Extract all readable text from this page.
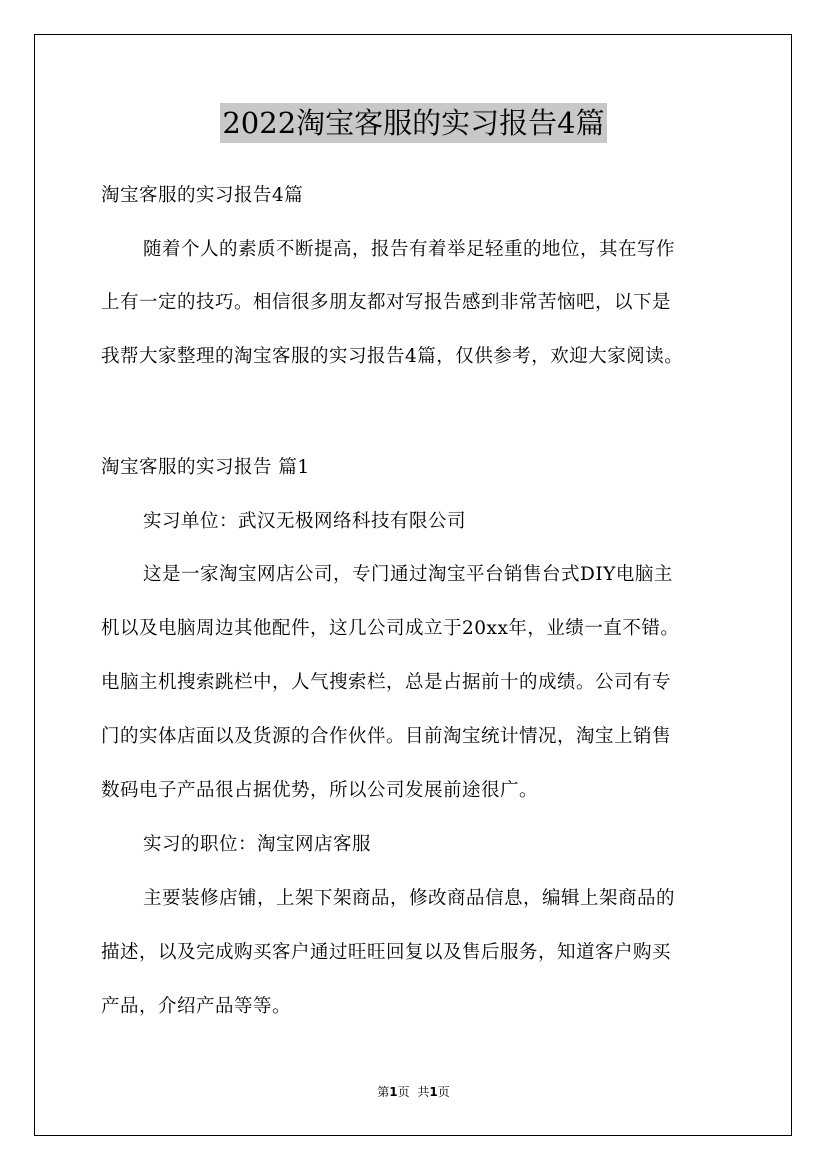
2022淘宝客服的实习报告4篇
淘宝客服的实习报告4篇
随着个人的素质不断提高，报告有着举足轻重的地位，其在写作
上有一定的技巧。相信很多朋友都对写报告感到非常苦恼吧，以下是
我帮大家整理的淘宝客服的实习报告4篇，仅供参考，欢迎大家阅读。
淘宝客服的实习报告 篇1
实习单位：武汉无极网络科技有限公司
这是一家淘宝网店公司，专门通过淘宝平台销售台式DIY电脑主
机以及电脑周边其他配件，这几公司成立于20xx年，业绩一直不错。
电脑主机搜索跳栏中，人气搜索栏，总是占据前十的成绩。公司有专
门的实体店面以及货源的合作伙伴。目前淘宝统计情况，淘宝上销售
数码电子产品很占据优势，所以公司发展前途很广。
实习的职位：淘宝网店客服
主要装修店铺，上架下架商品，修改商品信息，编辑上架商品的
描述，以及完成购买客户通过旺旺回复以及售后服务，知道客户购买
产品，介绍产品等等。
第1页 共1页
